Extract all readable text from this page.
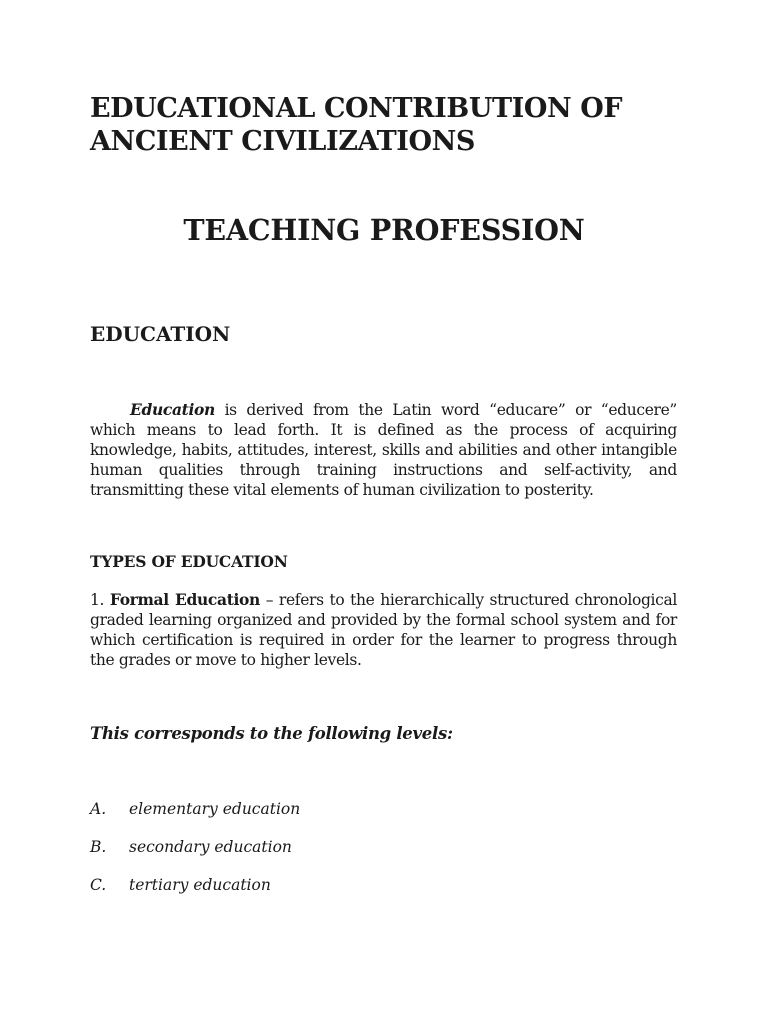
EDUCATIONAL CONTRIBUTION OF
ANCIENT CIVILIZATIONS
TEACHING PROFESSION
EDUCATION

Education is derived from the Latin word “educare” or “educere” which means to lead forth. It is defined as the process of acquiring knowledge, habits, attitudes, interest, skills and abilities and other intangible human qualities through training instructions and self-activity, and transmitting these vital elements of human civilization to posterity.

TYPES OF EDUCATION

1. Formal Education – refers to the hierarchically structured chronological graded learning organized and provided by the formal school system and for which certification is required in order for the learner to progress through the grades or move to higher levels.

This corresponds to the following levels:

A. elementary education
B. secondary education
C. tertiary education
